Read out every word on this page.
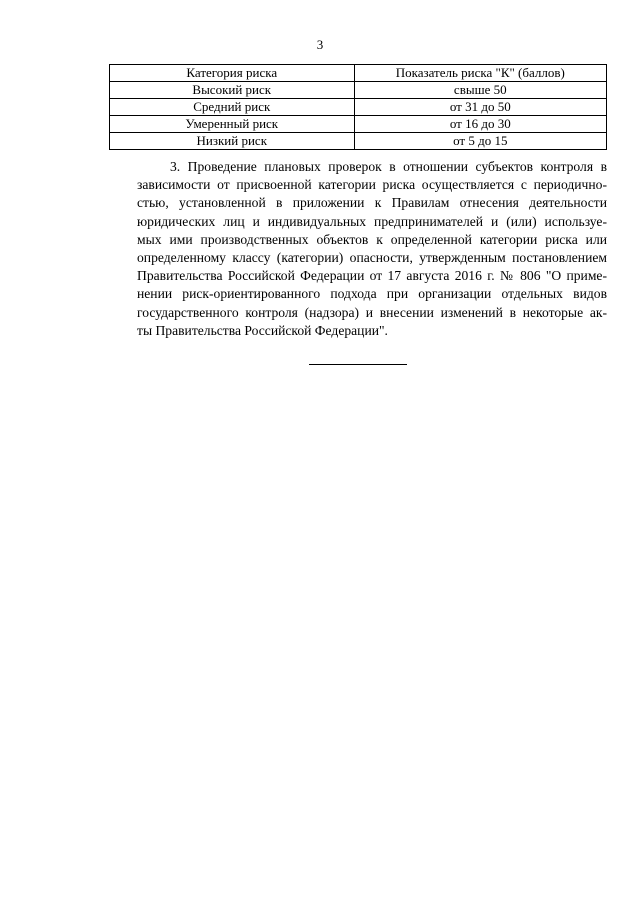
3
Категория риска	Показатель риска "К" (баллов)
Высокий риск	свыше 50
Средний риск	от 31 до 50
Умеренный риск	от 16 до 30
Низкий риск	от 5 до 15
3. Проведение плановых проверок в отношении субъектов контроля в
зависимости от присвоенной категории риска осуществляется с периодично-
стью, установленной в приложении к Правилам отнесения деятельности
юридических лиц и индивидуальных предпринимателей и (или) используе-
мых ими производственных объектов к определенной категории риска или
определенному классу (категории) опасности, утвержденным постановлением
Правительства Российской Федерации от 17 августа 2016 г. № 806 "О приме-
нении риск-ориентированного подхода при организации отдельных видов
государственного контроля (надзора) и внесении изменений в некоторые ак-
ты Правительства Российской Федерации".
